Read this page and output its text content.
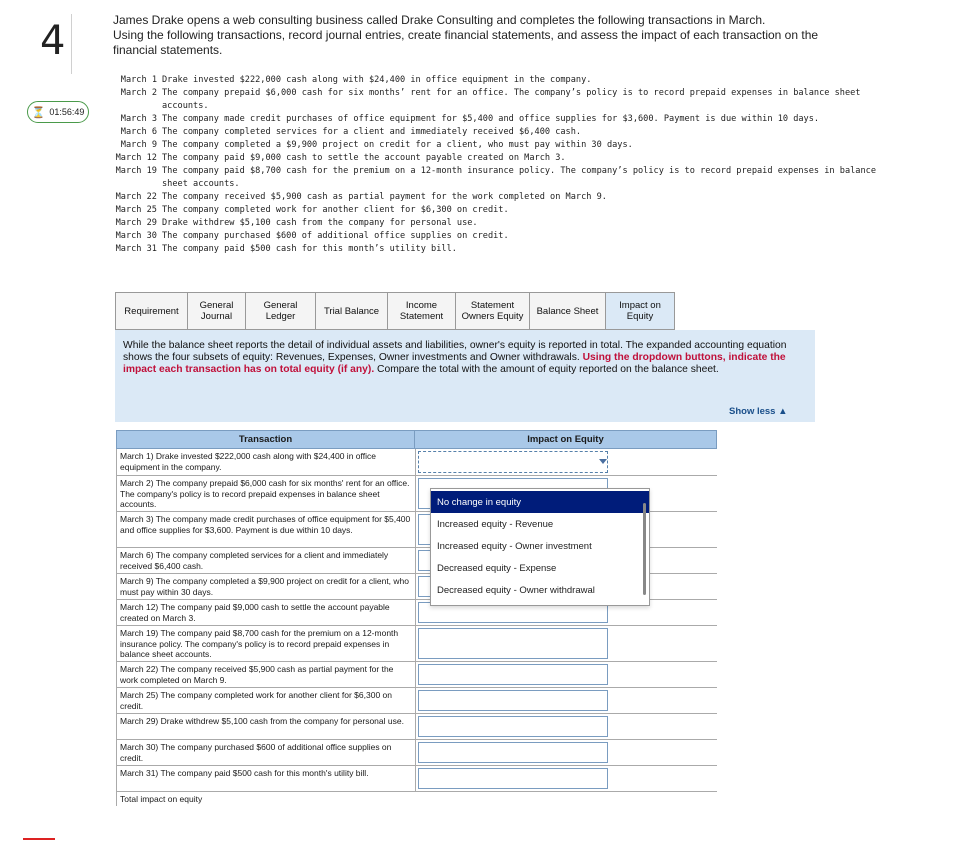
4
⏳ 01:56:49

James Drake opens a web consulting business called Drake Consulting and completes the following transactions in March.

Using the following transactions, record journal entries, create financial statements, and assess the impact of each transaction on the

financial statements.

March 1 Drake invested $222,000 cash along with $24,400 in office equipment in the company.
March 2 The company prepaid $6,000 cash for six months’ rent for an office. The company’s policy is to record prepaid expenses in balance sheet accounts.
March 3 The company made credit purchases of office equipment for $5,400 and office supplies for $3,600. Payment is due within 10 days.
March 6 The company completed services for a client and immediately received $6,400 cash.
March 9 The company completed a $9,900 project on credit for a client, who must pay within 30 days.
March 12 The company paid $9,000 cash to settle the account payable created on March 3.
March 19 The company paid $8,700 cash for the premium on a 12-month insurance policy. The company’s policy is to record prepaid expenses in balance sheet accounts.
March 22 The company received $5,900 cash as partial payment for the work completed on March 9.
March 25 The company completed work for another client for $6,300 on credit.
March 29 Drake withdrew $5,100 cash from the company for personal use.
March 30 The company purchased $600 of additional office supplies on credit.
March 31 The company paid $500 cash for this month’s utility bill.
Requirement	General Journal
General Ledger	Trial Balance	Income Statement
Statement Owners Equity	Balance Sheet	Impact on Equity
While the balance sheet reports the detail of individual assets and liabilities, owner's equity is reported in total. The expanded accounting equation shows the four subsets of equity: Revenues, Expenses, Owner investments and Owner withdrawals. Using the dropdown buttons, indicate the impact each transaction has on total equity (if any). Compare the total with the amount of equity reported on the balance sheet.
Show less ▲
Transaction	Impact on Equity
March 1) Drake invested $222,000 cash along with $24,400 in office equipment in the company.
March 2) The company prepaid $6,000 cash for six months' rent for an office. The company's policy is to record prepaid expenses in balance sheet accounts.
March 3) The company made credit purchases of office equipment for $5,400 and office supplies for $3,600. Payment is due within 10 days.
March 6) The company completed services for a client and immediately received $6,400 cash.
March 9) The company completed a $9,900 project on credit for a client, who must pay within 30 days.
March 12) The company paid $9,000 cash to settle the account payable created on March 3.
March 19) The company paid $8,700 cash for the premium on a 12-month insurance policy. The company's policy is to record prepaid expenses in balance sheet accounts.
March 22) The company received $5,900 cash as partial payment for the work completed on March 9.
March 25) The company completed work for another client for $6,300 on credit.
March 29) Drake withdrew $5,100 cash from the company for personal use.
March 30) The company purchased $600 of additional office supplies on credit.
March 31) The company paid $500 cash for this month's utility bill.
Total impact on equity
No change in equity
Increased equity - Revenue
Increased equity - Owner investment
Decreased equity - Expense
Decreased equity - Owner withdrawal
